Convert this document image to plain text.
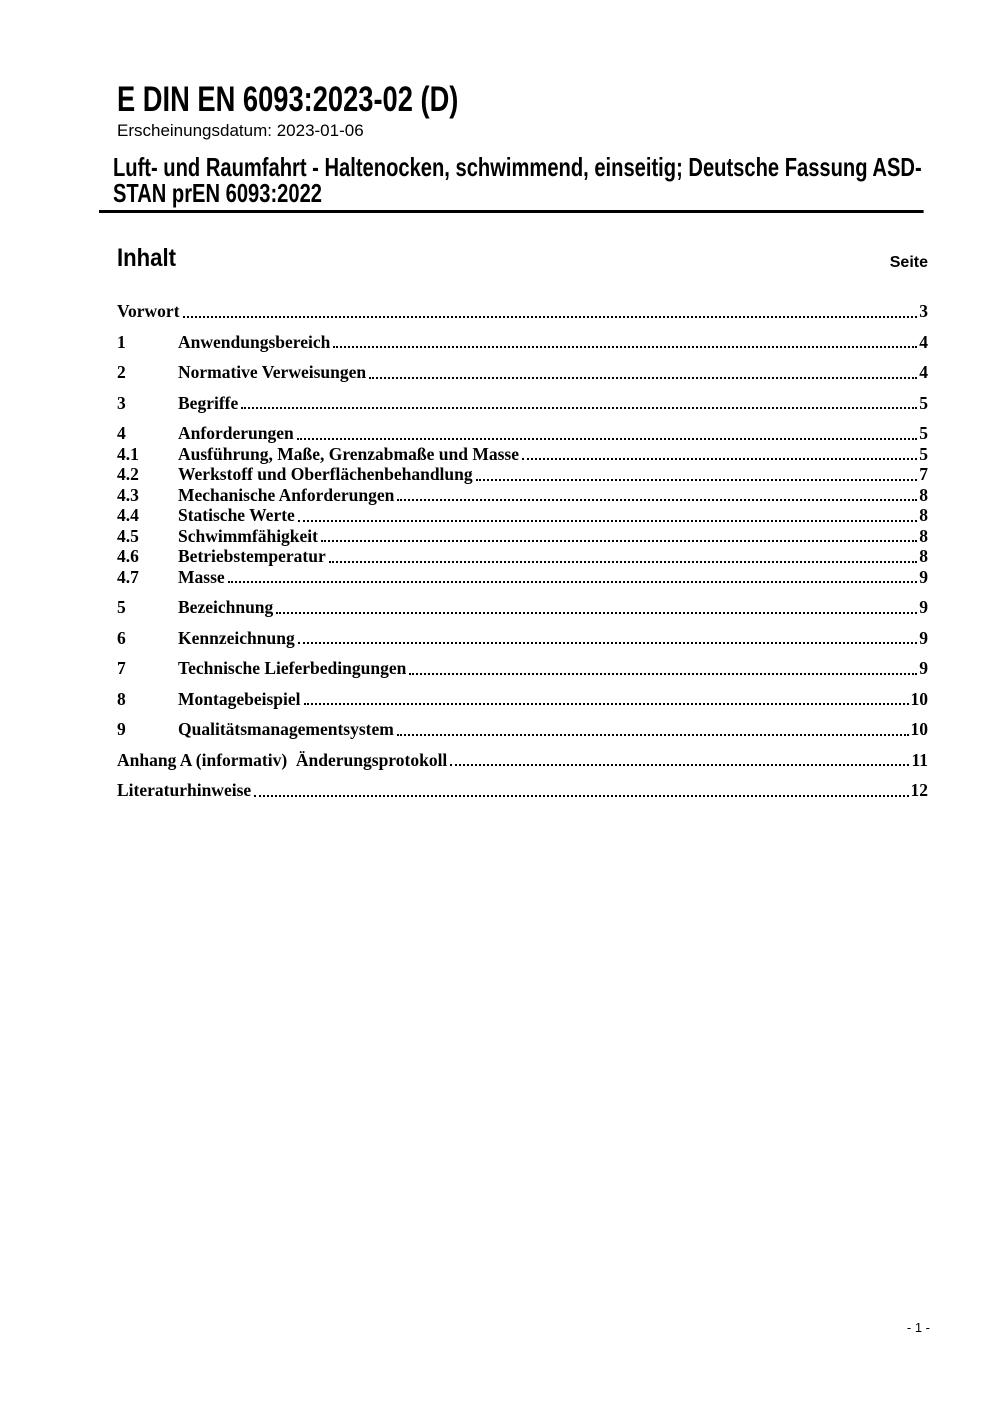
E DIN EN 6093:2023-02 (D)
Erscheinungsdatum: 2023-01-06
Luft- und Raumfahrt - Haltenocken, schwimmend, einseitig; Deutsche Fassung ASD-
STAN prEN 6093:2022
Inhalt	Seite
Vorwort	3
1	Anwendungsbereich	4
2	Normative Verweisungen	4
3	Begriffe	5
4	Anforderungen	5
4.1	Ausführung, Maße, Grenzabmaße und Masse	5
4.2	Werkstoff und Oberflächenbehandlung	7
4.3	Mechanische Anforderungen	8
4.4	Statische Werte	8
4.5	Schwimmfähigkeit	8
4.6	Betriebstemperatur	8
4.7	Masse	9
5	Bezeichnung	9
6	Kennzeichnung	9
7	Technische Lieferbedingungen	9
8	Montagebeispiel	10
9	Qualitätsmanagementsystem	10
Anhang A (informativ)  Änderungsprotokoll	11
Literaturhinweise	12
- 1 -
